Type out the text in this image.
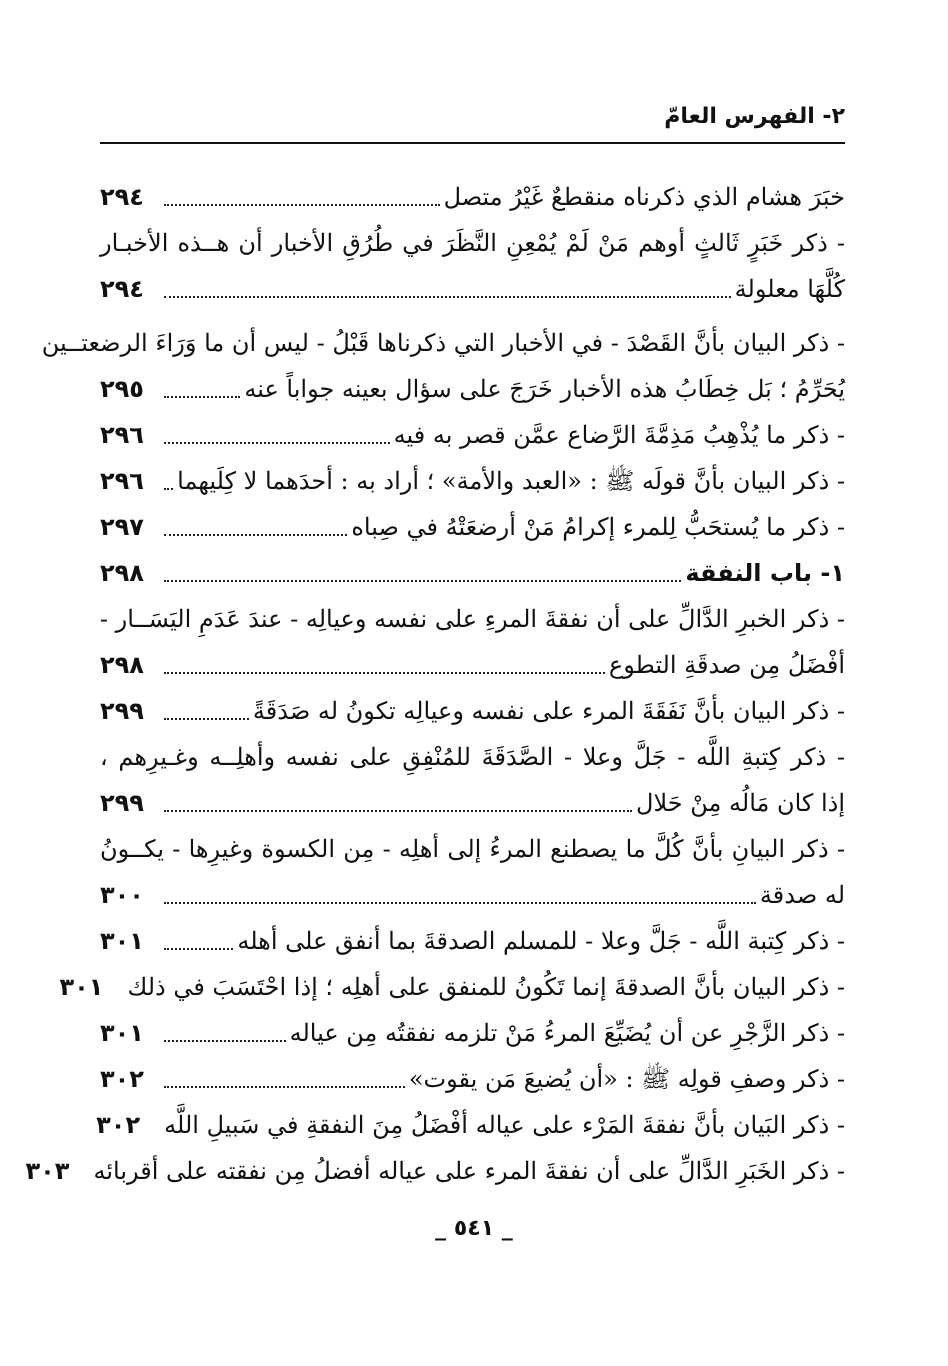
٢- الفهرس العامّ
خبَرَ هشام الذي ذكرناه منقطعٌ غَيْرُ متصل
٢٩٤
- ذكر خَبَرٍ ثَالثٍ أوهم مَنْ لَمْ يُمْعِنِ النَّظَرَ في طُرُقِ الأخبار أن هــذه الأخبـار
كُلَّهَا معلولة
٢٩٤
- ذكر البيان بأنَّ القَصْدَ - في الأخبار التي ذكرناها قَبْلُ - ليس أن ما وَرَاءَ الرضعتــين
يُحَرِّمُ ؛ بَل خِطَابُ هذه الأخبار خَرَجَ على سؤال بعينه جواباً عنه
٢٩٥
- ذكر ما يُذْهِبُ مَذِمَّةَ الرَّضاع عمَّن قصر به فيه
٢٩٦
- ذكر البيان بأنَّ قولَه ﷺ : «العبد والأمة» ؛ أراد به : أحدَهما لا كِلَيهما
٢٩٦
- ذكر ما يُستحَبُّ لِلمرء إكرامُ مَنْ أرضعَتْهُ في صِباه
٢٩٧
١- باب النفقة
٢٩٨
- ذكر الخبرِ الدَّالِّ على أن نفقةَ المرءِ على نفسه وعيالِه - عندَ عَدَمِ اليَسَــار -
أفْضَلُ مِن صدقَةِ التطوع
٢٩٨
- ذكر البيان بأنَّ نَفَقَةَ المرء على نفسه وعيالِه تكونُ له صَدَقَةً
٢٩٩
- ذكر كِتبةِ اللَّه - جَلَّ وعلا - الصَّدَقَةَ للمُنْفِقِ على نفسه وأهلِــه وغـيرِهم ،
إذا كان مَالُه مِنْ حَلال
٢٩٩
- ذكر البيانِ بأنَّ كُلَّ ما يصطنع المرءُ إلى أهلِه - مِن الكسوة وغيرِها - يكــونُ
له صدقة
٣٠٠
- ذكر كِتبة اللَّه - جَلَّ وعلا - للمسلم الصدقةَ بما أنفق على أهله
٣٠١
- ذكر البيان بأنَّ الصدقةَ إنما تَكُونُ للمنفق على أهلِه ؛ إذا احْتَسَبَ في ذلك
٣٠١
- ذكر الزَّجْرِ عن أن يُضَيِّعَ المرءُ مَنْ تلزمه نفقتُه مِن عياله
٣٠١
- ذكر وصفِ قولِه ﷺ : «أن يُضيعَ مَن يقوت»
٣٠٢
- ذكر البَيان بأنَّ نفقةَ المَرْء على عياله أفْضَلُ مِنَ النفقةِ في سَبيلِ اللَّه
٣٠٢
- ذكر الخَبَرِ الدَّالِّ على أن نفقةَ المرء على عياله أفضلُ مِن نفقته على أقربائه
٣٠٣
_ ٥٤١ _
